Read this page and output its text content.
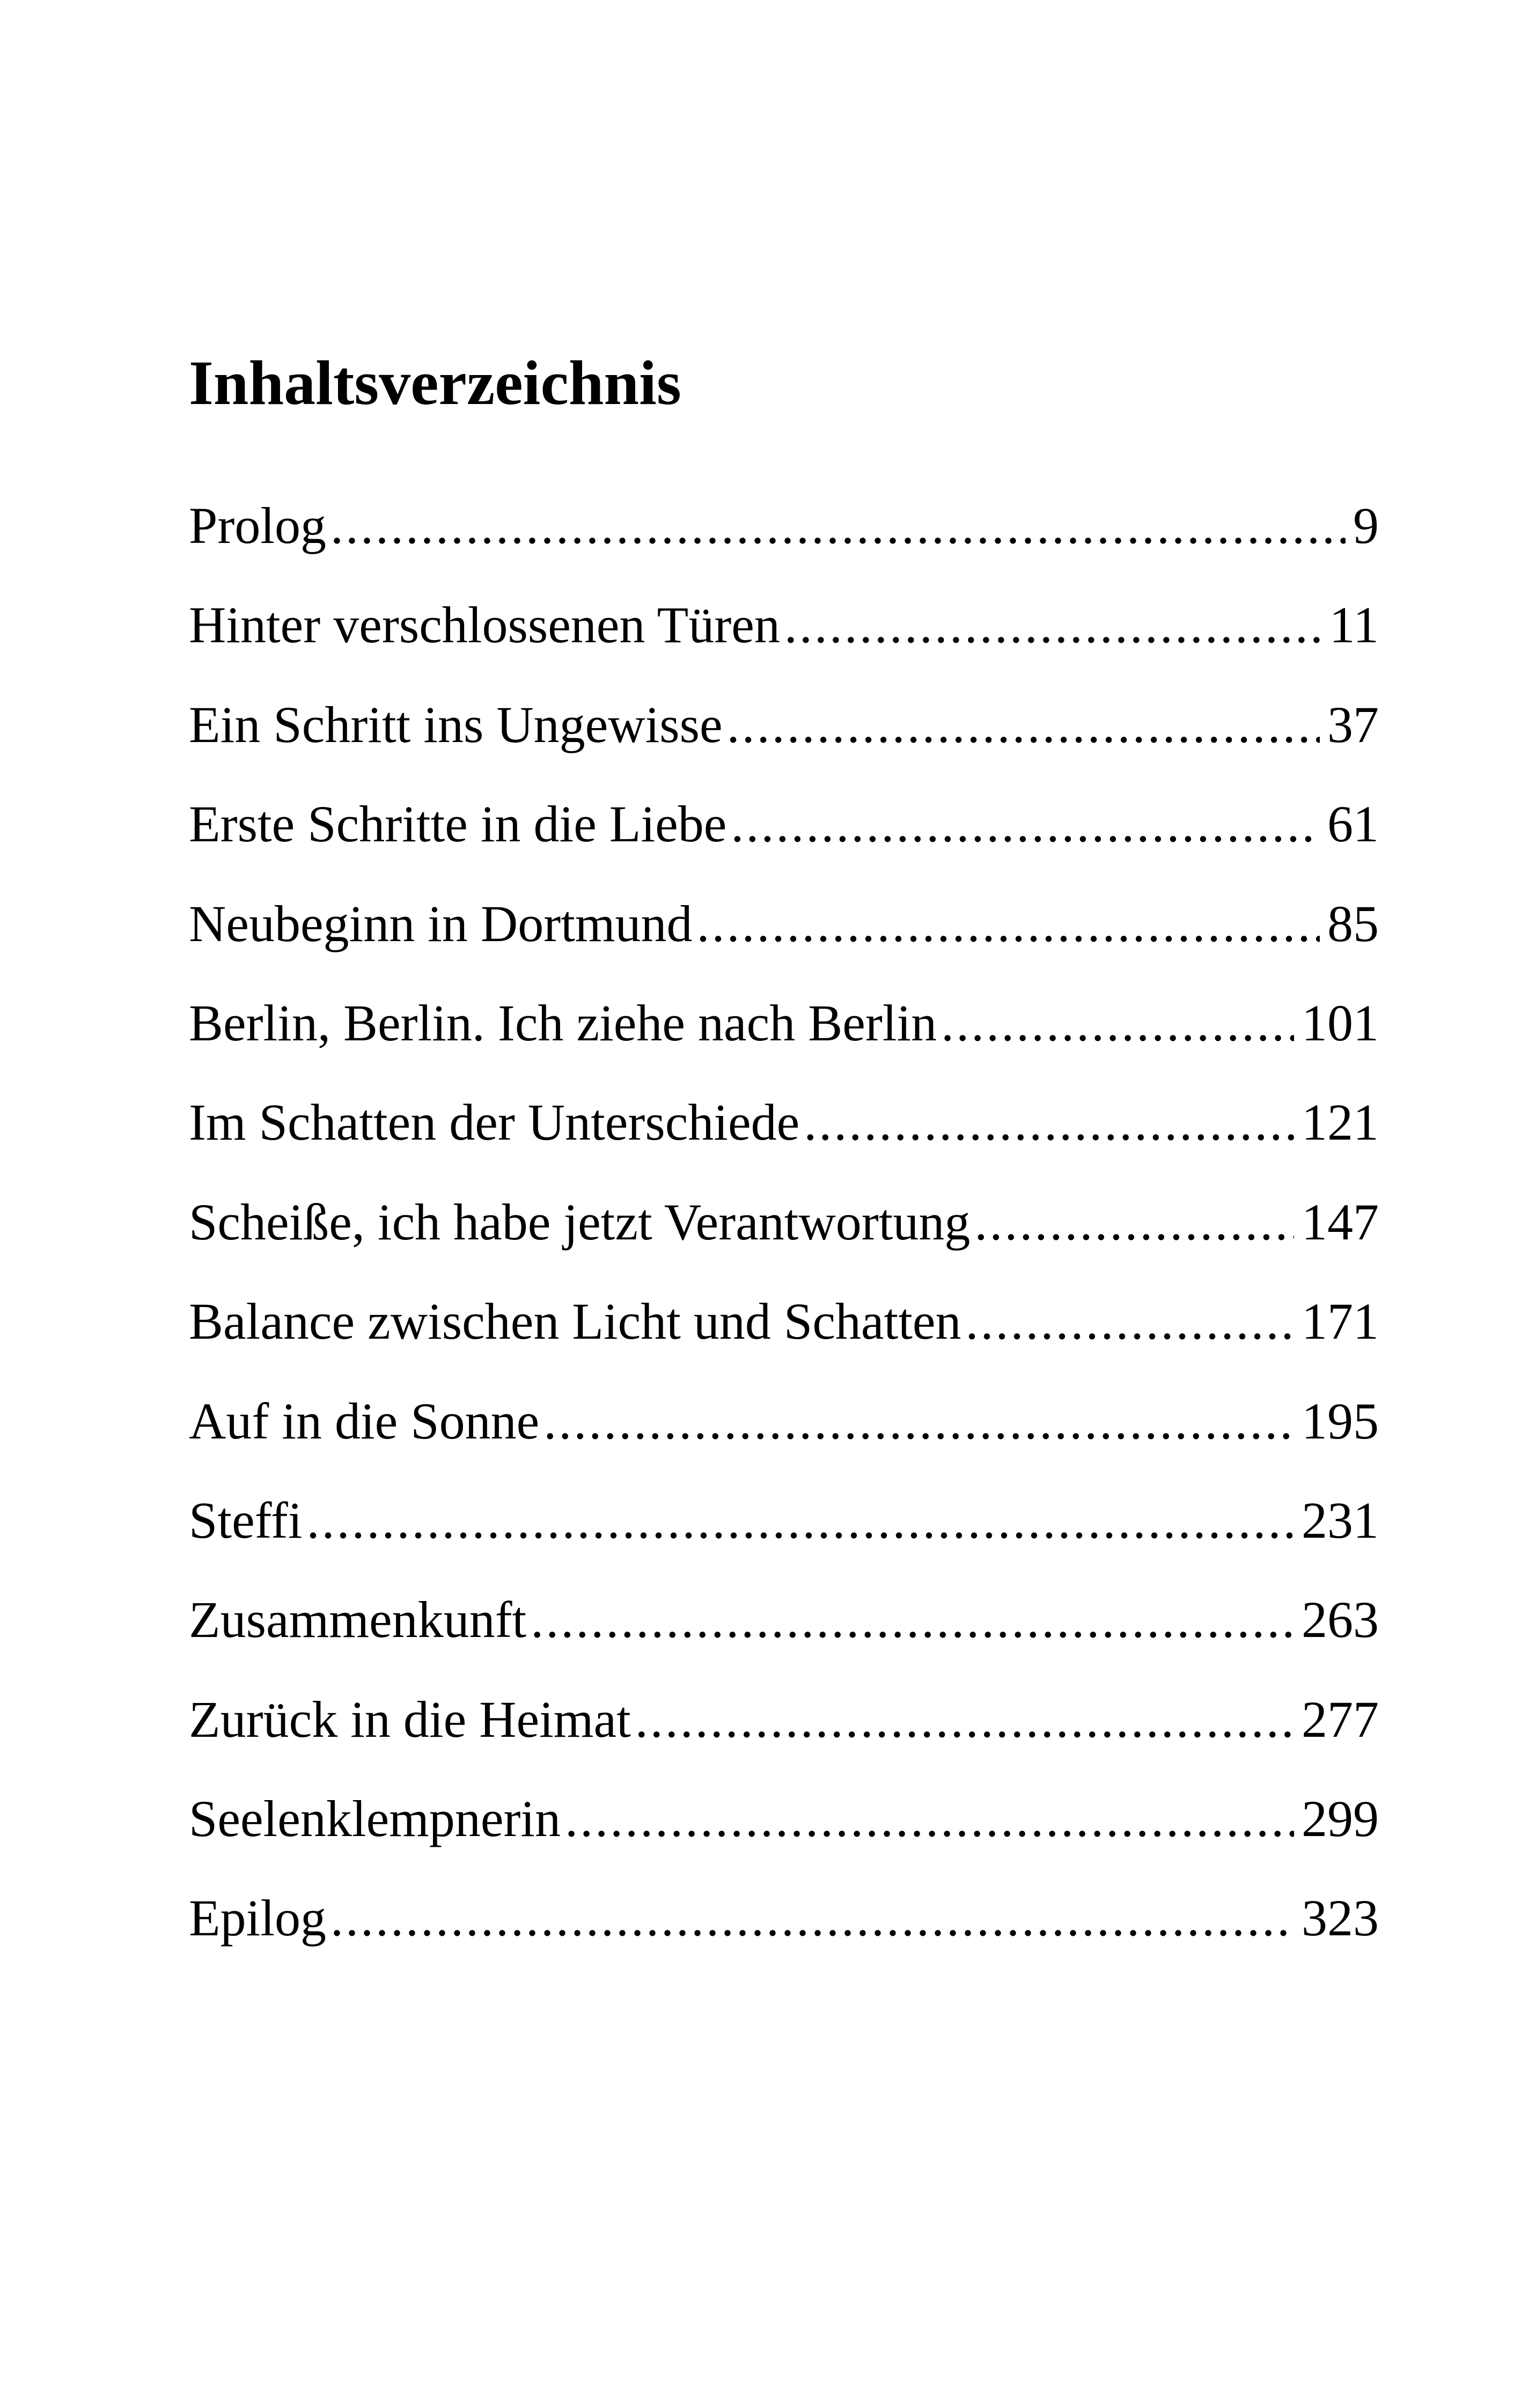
Inhaltsverzeichnis
Prolog .....	9
Hinter verschlossenen Türen .....	11
Ein Schritt ins Ungewisse .....	37
Erste Schritte in die Liebe .....	61
Neubeginn in Dortmund .....	85
Berlin, Berlin. Ich ziehe nach Berlin .....	101
Im Schatten der Unterschiede .....	121
Scheiße, ich habe jetzt Verantwortung .....	147
Balance zwischen Licht und Schatten .....	171
Auf in die Sonne .....	195
Steffi .....	231
Zusammenkunft .....	263
Zurück in die Heimat .....	277
Seelenklempnerin .....	299
Epilog .....	323
